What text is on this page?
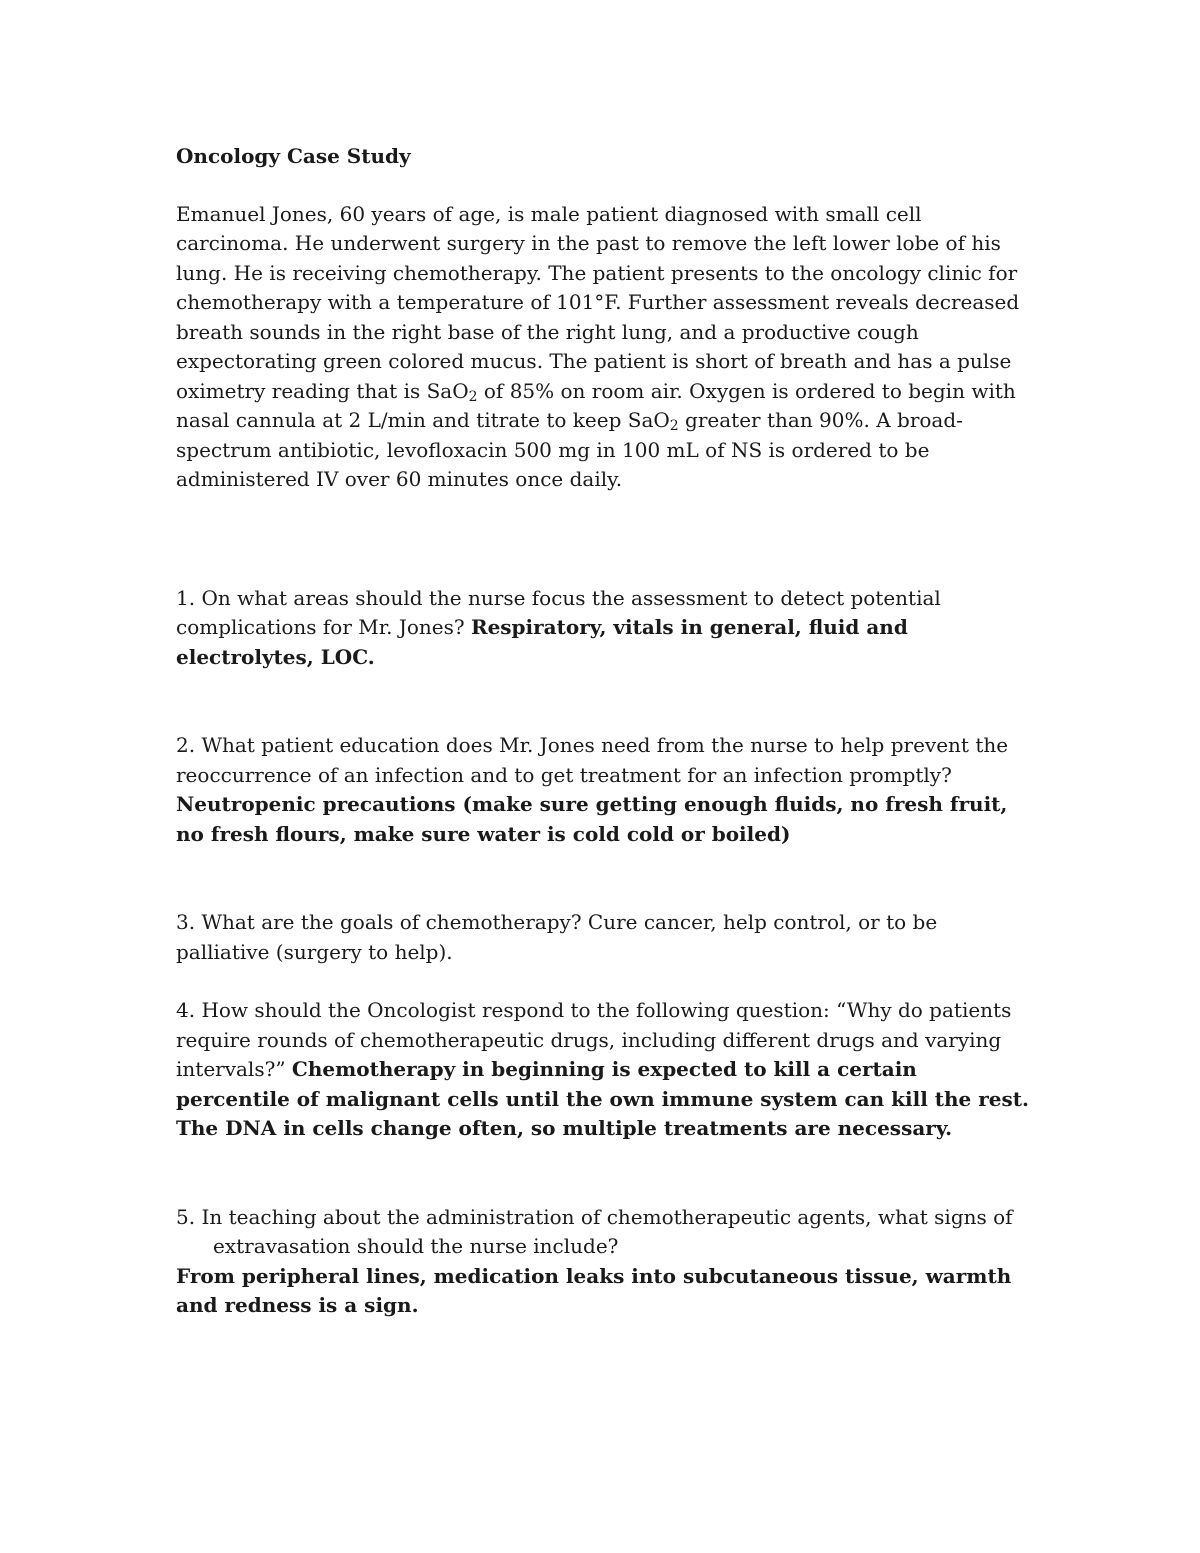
Oncology Case Study

Emanuel Jones, 60 years of age, is male patient diagnosed with small cell carcinoma. He underwent surgery in the past to remove the left lower lobe of his lung. He is receiving chemotherapy. The patient presents to the oncology clinic for chemotherapy with a temperature of 101°F. Further assessment reveals decreased breath sounds in the right base of the right lung, and a productive cough expectorating green colored mucus. The patient is short of breath and has a pulse oximetry reading that is SaO$_2$ of 85% on room air. Oxygen is ordered to begin with nasal cannula at 2 L/min and titrate to keep SaO$_2$ greater than 90%. A broad-spectrum antibiotic, levofloxacin 500 mg in 100 mL of NS is ordered to be administered IV over 60 minutes once daily.

1. On what areas should the nurse focus the assessment to detect potential complications for Mr. Jones? Respiratory, vitals in general, fluid and electrolytes, LOC.

2. What patient education does Mr. Jones need from the nurse to help prevent the reoccurrence of an infection and to get treatment for an infection promptly? Neutropenic precautions (make sure getting enough fluids, no fresh fruit, no fresh flours, make sure water is cold cold or boiled)

3. What are the goals of chemotherapy? Cure cancer, help control, or to be palliative (surgery to help).

4. How should the Oncologist respond to the following question: “Why do patients require rounds of chemotherapeutic drugs, including different drugs and varying intervals?” Chemotherapy in beginning is expected to kill a certain percentile of malignant cells until the own immune system can kill the rest. The DNA in cells change often, so multiple treatments are necessary.

5. In teaching about the administration of chemotherapeutic agents, what signs of extravasation should the nurse include?

From peripheral lines, medication leaks into subcutaneous tissue, warmth and redness is a sign.
